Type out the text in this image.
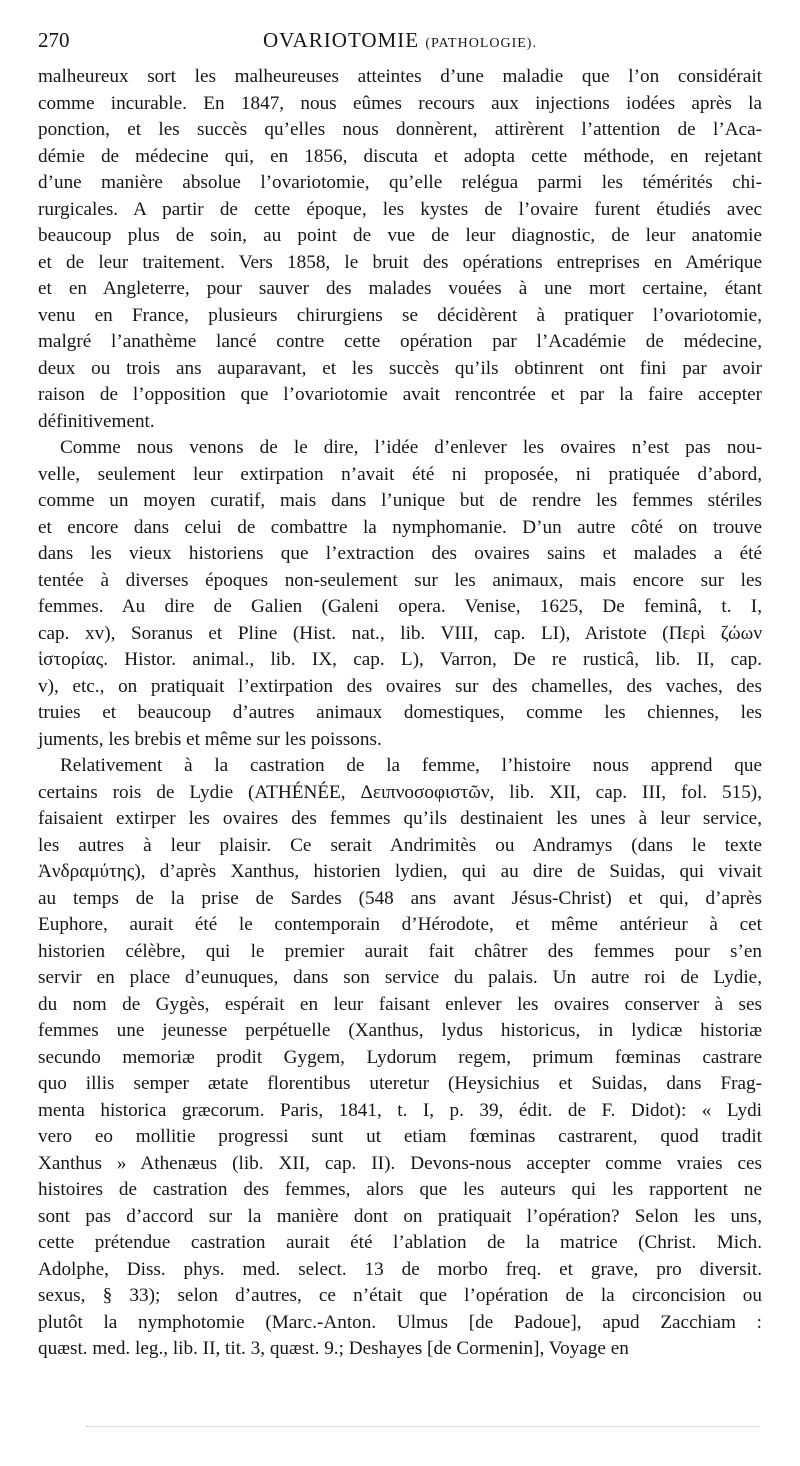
270	OVARIOTOMIE (PATHOLOGIE).
malheureux sort les malheureuses atteintes d’une maladie que l’on considérait
comme incurable. En 1847, nous eûmes recours aux injections iodées après la
ponction, et les succès qu’elles nous donnèrent, attirèrent l’attention de l’Aca-
démie de médecine qui, en 1856, discuta et adopta cette méthode, en rejetant
d’une manière absolue l’ovariotomie, qu’elle relégua parmi les témérités chi-
rurgicales. A partir de cette époque, les kystes de l’ovaire furent étudiés avec
beaucoup plus de soin, au point de vue de leur diagnostic, de leur anatomie
et de leur traitement. Vers 1858, le bruit des opérations entreprises en Amérique
et en Angleterre, pour sauver des malades vouées à une mort certaine, étant
venu en France, plusieurs chirurgiens se décidèrent à pratiquer l’ovariotomie,
malgré l’anathème lancé contre cette opération par l’Académie de médecine,
deux ou trois ans auparavant, et les succès qu’ils obtinrent ont fini par avoir
raison de l’opposition que l’ovariotomie avait rencontrée et par la faire accepter
définitivement.
Comme nous venons de le dire, l’idée d’enlever les ovaires n’est pas nou-
velle, seulement leur extirpation n’avait été ni proposée, ni pratiquée d’abord,
comme un moyen curatif, mais dans l’unique but de rendre les femmes stériles
et encore dans celui de combattre la nymphomanie. D’un autre côté on trouve
dans les vieux historiens que l’extraction des ovaires sains et malades a été
tentée à diverses époques non-seulement sur les animaux, mais encore sur les
femmes. Au dire de Galien (Galeni opera. Venise, 1625, De feminâ, t. I,
cap. xv), Soranus et Pline (Hist. nat., lib. VIII, cap. LI), Aristote (Περὶ ζώων
ἱστορίας. Histor. animal., lib. IX, cap. L), Varron, De re rusticâ, lib. II, cap.
v), etc., on pratiquait l’extirpation des ovaires sur des chamelles, des vaches, des
truies et beaucoup d’autres animaux domestiques, comme les chiennes, les
juments, les brebis et même sur les poissons.
Relativement à la castration de la femme, l’histoire nous apprend que
certains rois de Lydie (ATHÉNÉE, Δειπνοσοφιστῶν, lib. XII, cap. III, fol. 515),
faisaient extirper les ovaires des femmes qu’ils destinaient les unes à leur service,
les autres à leur plaisir. Ce serait Andrimitès ou Andramys (dans le texte
Ἀνδραμύτης), d’après Xanthus, historien lydien, qui au dire de Suidas, qui vivait
au temps de la prise de Sardes (548 ans avant Jésus-Christ) et qui, d’après
Euphore, aurait été le contemporain d’Hérodote, et même antérieur à cet
historien célèbre, qui le premier aurait fait châtrer des femmes pour s’en
servir en place d’eunuques, dans son service du palais. Un autre roi de Lydie,
du nom de Gygès, espérait en leur faisant enlever les ovaires conserver à ses
femmes une jeunesse perpétuelle (Xanthus, lydus historicus, in lydicæ historiæ
secundo memoriæ prodit Gygem, Lydorum regem, primum fœminas castrare
quo illis semper ætate florentibus uteretur (Heysichius et Suidas, dans Frag-
menta historica græcorum. Paris, 1841, t. I, p. 39, édit. de F. Didot): « Lydi
vero eo mollitie progressi sunt ut etiam fœminas castrarent, quod tradit
Xanthus » Athenæus (lib. XII, cap. II). Devons-nous accepter comme vraies ces
histoires de castration des femmes, alors que les auteurs qui les rapportent ne
sont pas d’accord sur la manière dont on pratiquait l’opération? Selon les uns,
cette prétendue castration aurait été l’ablation de la matrice (Christ. Mich.
Adolphe, Diss. phys. med. select. 13 de morbo freq. et grave, pro diversit.
sexus, § 33); selon d’autres, ce n’était que l’opération de la circoncision ou
plutôt la nymphotomie (Marc.-Anton. Ulmus [de Padoue], apud Zacchiam :
quæst. med. leg., lib. II, tit. 3, quæst. 9.; Deshayes [de Cormenin], Voyage en
